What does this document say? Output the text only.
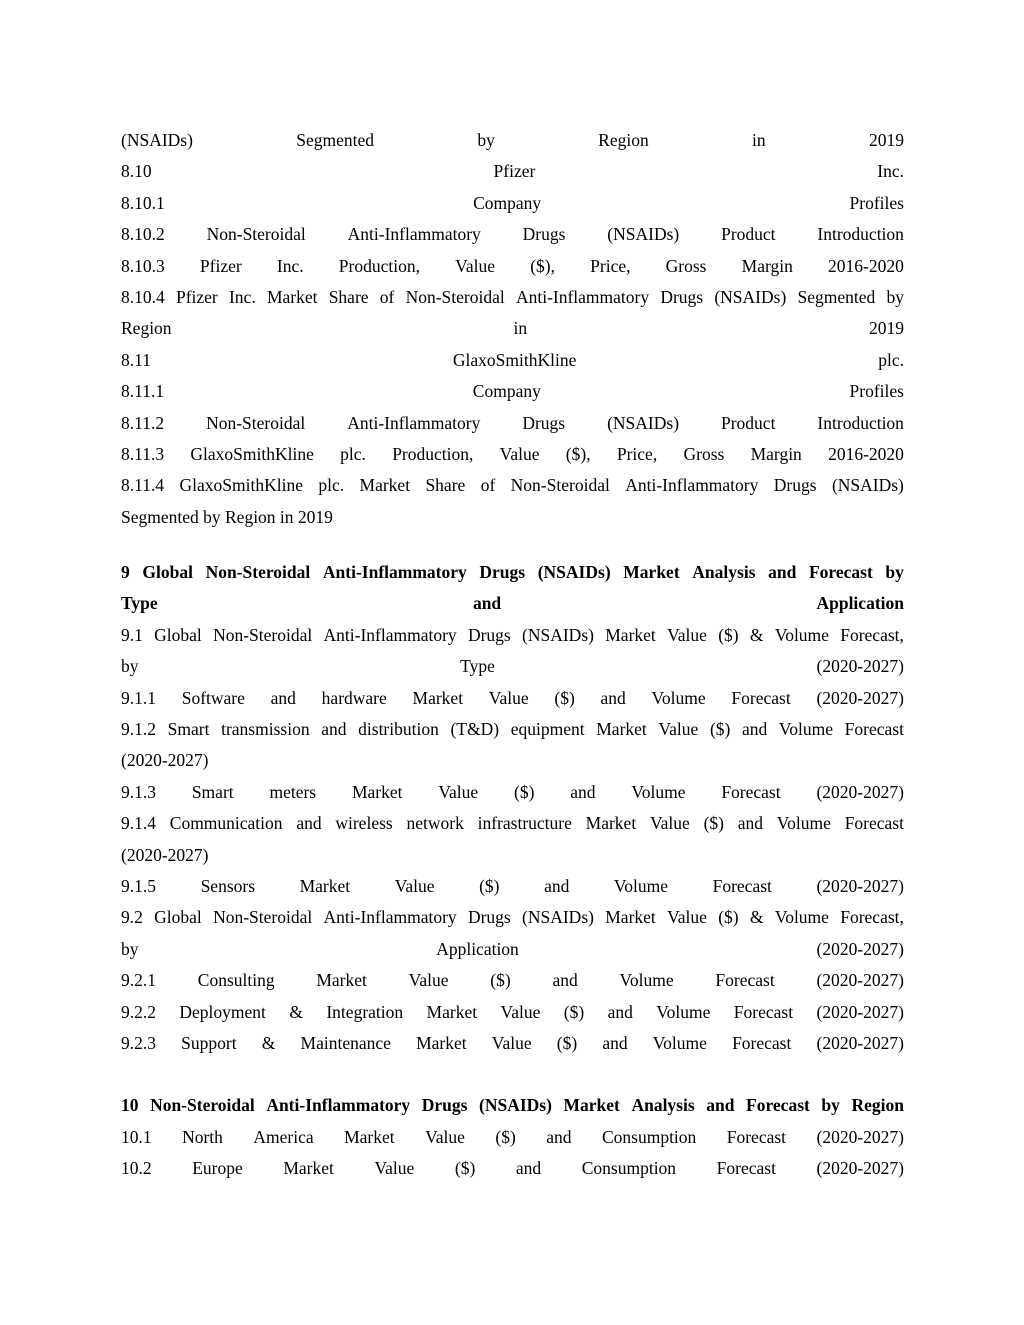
(NSAIDs)	Segmented	by	Region	in	2019
8.10	Pfizer	Inc.
8.10.1	Company	Profiles
8.10.2 Non-Steroidal Anti-Inflammatory Drugs (NSAIDs) Product Introduction
8.10.3 Pfizer Inc. Production, Value ($), Price, Gross Margin 2016-2020
8.10.4 Pfizer Inc. Market Share of Non-Steroidal Anti-Inflammatory Drugs (NSAIDs) Segmented by
Region	in	2019
8.11	GlaxoSmithKline	plc.
8.11.1	Company	Profiles
8.11.2 Non-Steroidal Anti-Inflammatory Drugs (NSAIDs) Product Introduction
8.11.3 GlaxoSmithKline plc. Production, Value ($), Price, Gross Margin 2016-2020
8.11.4 GlaxoSmithKline plc. Market Share of Non-Steroidal Anti-Inflammatory Drugs (NSAIDs)
Segmented by Region in 2019
9 Global Non-Steroidal Anti-Inflammatory Drugs (NSAIDs) Market Analysis and Forecast by
Type	and	Application
9.1 Global Non-Steroidal Anti-Inflammatory Drugs (NSAIDs) Market Value ($) & Volume Forecast,
by	Type	(2020-2027)
9.1.1 Software and hardware Market Value ($) and Volume Forecast (2020-2027)
9.1.2 Smart transmission and distribution (T&D) equipment Market Value ($) and Volume Forecast
(2020-2027)
9.1.3 Smart meters Market Value ($) and Volume Forecast (2020-2027)
9.1.4 Communication and wireless network infrastructure Market Value ($) and Volume Forecast
(2020-2027)
9.1.5	Sensors	Market	Value	($)	and	Volume	Forecast	(2020-2027)
9.2 Global Non-Steroidal Anti-Inflammatory Drugs (NSAIDs) Market Value ($) & Volume Forecast,
by	Application	(2020-2027)
9.2.1 Consulting Market Value ($) and Volume Forecast (2020-2027)
9.2.2 Deployment & Integration Market Value ($) and Volume Forecast (2020-2027)
9.2.3 Support & Maintenance Market Value ($) and Volume Forecast (2020-2027)
10 Non-Steroidal Anti-Inflammatory Drugs (NSAIDs) Market Analysis and Forecast by Region
10.1 North America Market Value ($) and Consumption Forecast (2020-2027)
10.2 Europe Market Value ($) and Consumption Forecast (2020-2027)
